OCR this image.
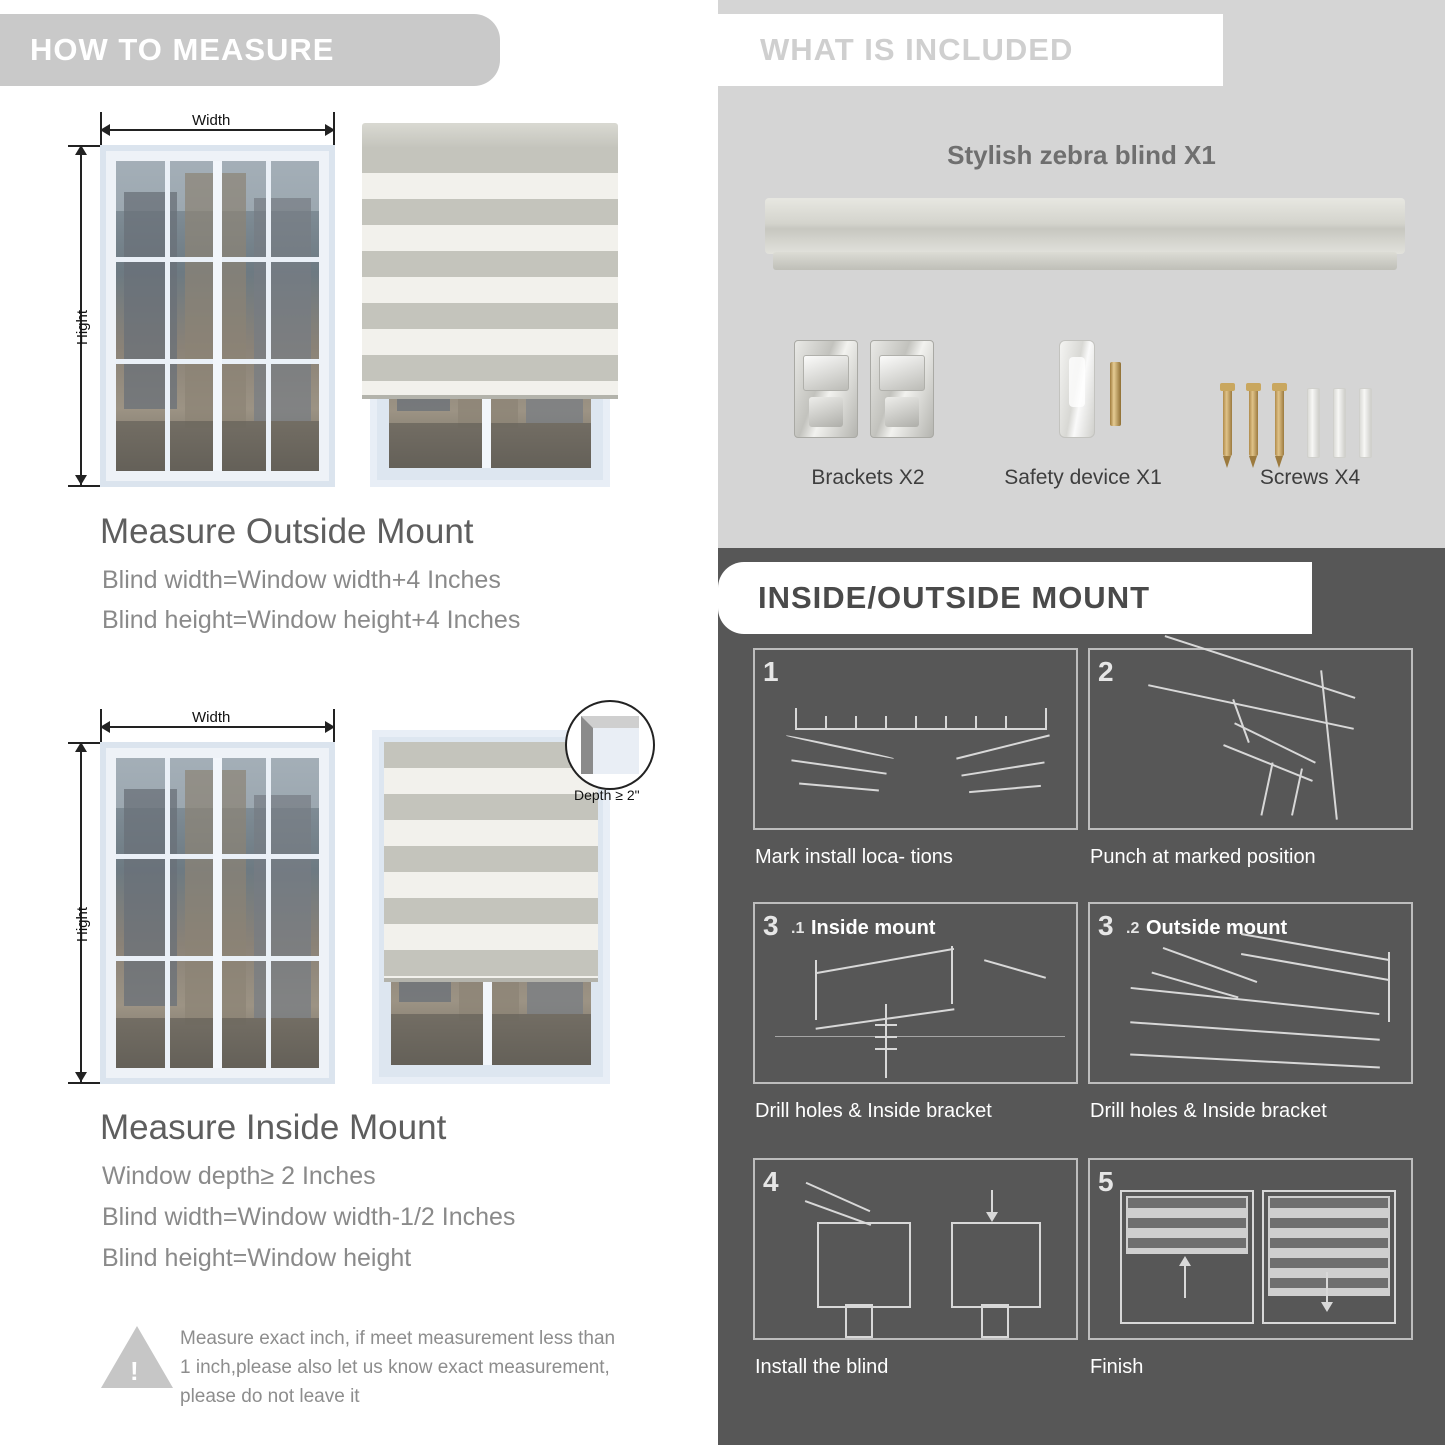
HOW TO MEASURE
Width
Hight
Measure Outside Mount
Blind width=Window width+4 Inches
Blind height=Window height+4 Inches
Width
Hight
Depth ≥ 2"
Measure Inside Mount
Window depth≥ 2 Inches
Blind width=Window width-1/2 Inches
Blind height=Window height
!
Measure exact inch, if meet measurement less than 1 inch,please also let us know exact measurement, please do not leave it
Stylish zebra blind X1
Brackets X2	Safety device X1	Screws X4
WHAT IS INCLUDED
INSIDE/OUTSIDE MOUNT
1
Mark install loca- tions
2
Punch at marked position
3 .1 Inside mount
Drill holes & Inside bracket
3 .2 Outside mount
Drill holes & Inside bracket
4
Install the blind
5
Finish
